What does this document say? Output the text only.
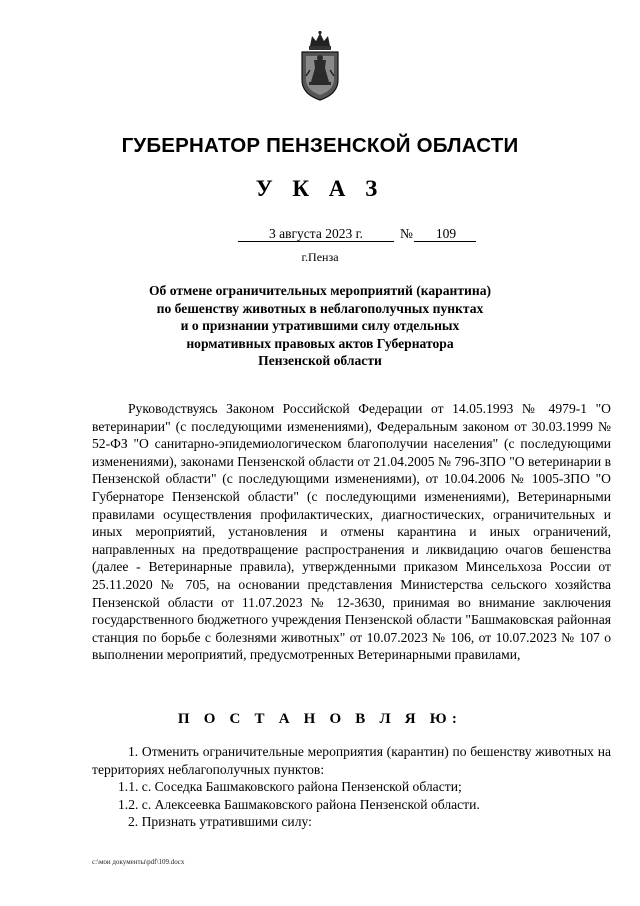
ГУБЕРНАТОР ПЕНЗЕНСКОЙ ОБЛАСТИ
У К А З
3 августа 2023 г.	№	109
г.Пенза
Об отмене ограничительных мероприятий (карантина)
по бешенству животных в неблагополучных пунктах
и о признании утратившими силу отдельных
нормативных правовых актов Губернатора
Пензенской области

Руководствуясь Законом Российской Федерации от 14.05.1993 № 4979-1 "О ветеринарии" (с последующими изменениями), Федеральным законом от 30.03.1999 № 52-ФЗ "О санитарно-эпидемиологическом благополучии населения" (с последующими изменениями), законами Пензенской области от 21.04.2005 № 796-ЗПО "О ветеринарии в Пензенской области" (с последующими изменениями), от 10.04.2006 № 1005-ЗПО "О Губернаторе Пензенской области" (с последующими изменениями), Ветеринарными правилами осуществления профилактических, диагностических, ограничительных и иных мероприятий, установления и отмены карантина и иных ограничений, направленных на предотвращение распространения и ликвидацию очагов бешенства (далее - Ветеринарные правила), утвержденными приказом Минсельхоза России от 25.11.2020 № 705, на основании представления Министерства сельского хозяйства Пензенской области от 11.07.2023 № 12-3630, принимая во внимание заключения государственного бюджетного учреждения Пензенской области "Башмаковская районная станция по борьбе с болезнями животных" от 10.07.2023 № 106, от 10.07.2023 № 107 о выполнении мероприятий, предусмотренных Ветеринарными правилами,

П О С Т А Н О В Л Я Ю:

1. Отменить ограничительные мероприятия (карантин) по бешенству животных на территориях неблагополучных пунктов:

1.1. с. Соседка Башмаковского района Пензенской области;

1.2. с. Алексеевка Башмаковского района Пензенской области.

2. Признать утратившими силу:

c:\мои документы\pdf\109.docx
